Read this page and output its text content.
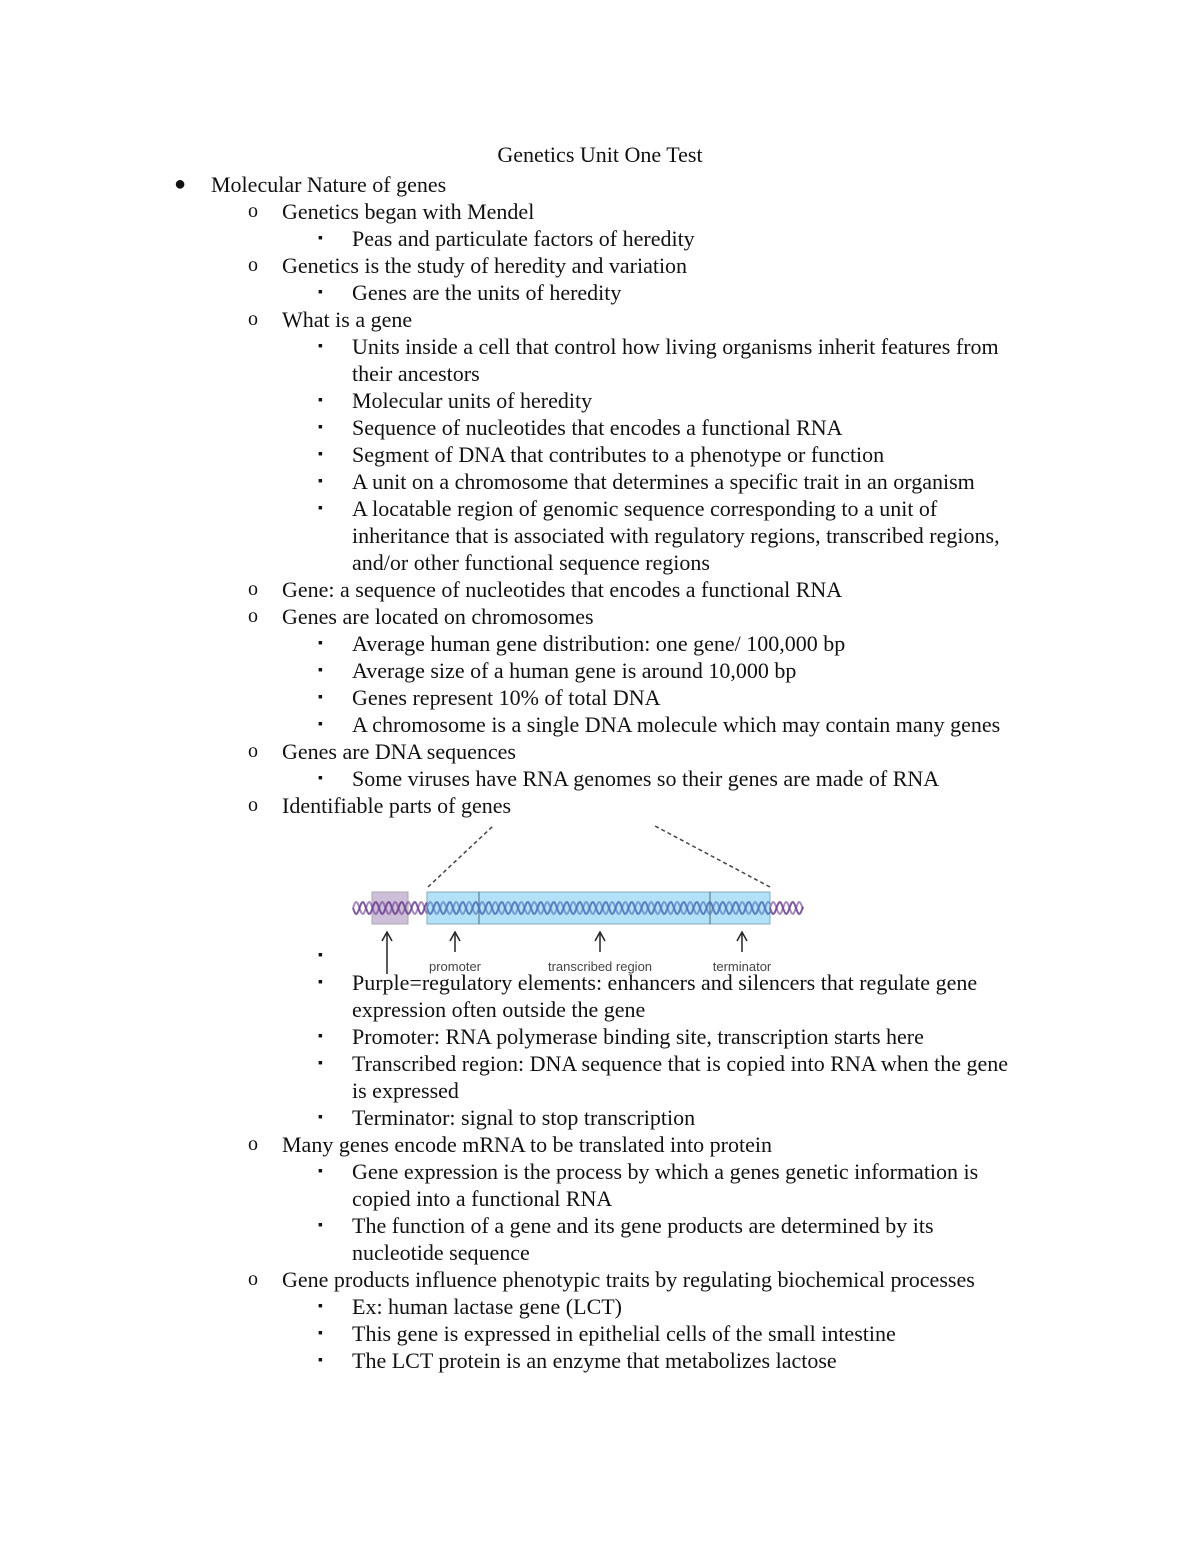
Genetics Unit One Test
● Molecular Nature of genes
o Genetics began with Mendel
▪ Peas and particulate factors of heredity
o Genetics is the study of heredity and variation
▪ Genes are the units of heredity
o What is a gene
▪ Units inside a cell that control how living organisms inherit features from
their ancestors
▪ Molecular units of heredity
▪ Sequence of nucleotides that encodes a functional RNA
▪ Segment of DNA that contributes to a phenotype or function
▪ A unit on a chromosome that determines a specific trait in an organism
▪ A locatable region of genomic sequence corresponding to a unit of
inheritance that is associated with regulatory regions, transcribed regions,
and/or other functional sequence regions
o Gene: a sequence of nucleotides that encodes a functional RNA
o Genes are located on chromosomes
▪ Average human gene distribution: one gene/ 100,000 bp
▪ Average size of a human gene is around 10,000 bp
▪ Genes represent 10% of total DNA
▪ A chromosome is a single DNA molecule which may contain many genes
o Genes are DNA sequences
▪ Some viruses have RNA genomes so their genes are made of RNA
o Identifiable parts of genes
▪
promoter	transcribed region	terminator
▪ Purple=regulatory elements: enhancers and silencers that regulate gene
expression often outside the gene
▪ Promoter: RNA polymerase binding site, transcription starts here
▪ Transcribed region: DNA sequence that is copied into RNA when the gene
is expressed
▪ Terminator: signal to stop transcription
o Many genes encode mRNA to be translated into protein
▪ Gene expression is the process by which a genes genetic information is
copied into a functional RNA
▪ The function of a gene and its gene products are determined by its
nucleotide sequence
o Gene products influence phenotypic traits by regulating biochemical processes
▪ Ex: human lactase gene (LCT)
▪ This gene is expressed in epithelial cells of the small intestine
▪ The LCT protein is an enzyme that metabolizes lactose
